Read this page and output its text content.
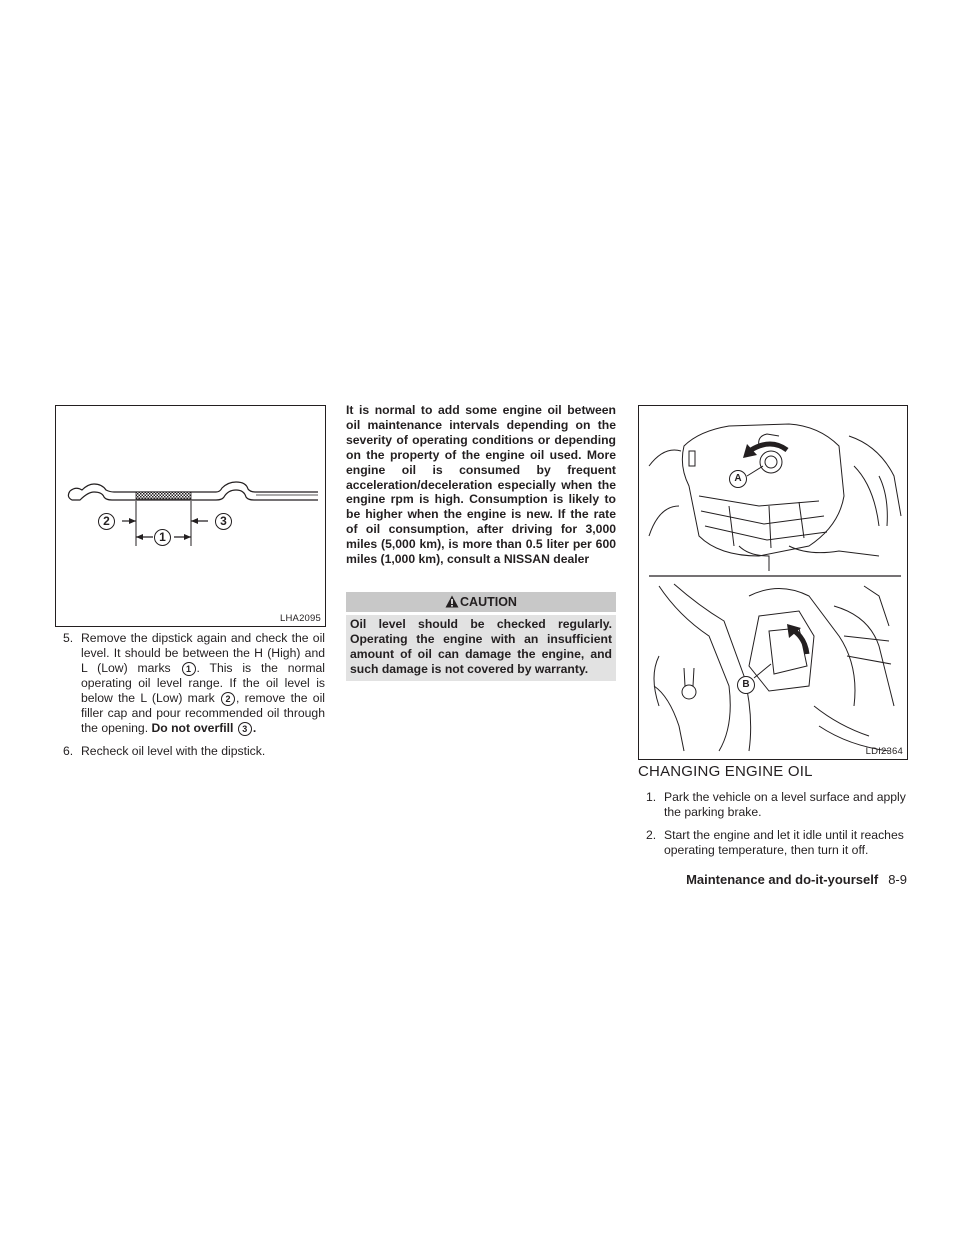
2
1
3
LHA2095
5. Remove the dipstick again and check the oil level. It should be between the H (High) and L (Low) marks 1 . This is the normal operating oil level range. If the oil level is below the L (Low) mark 2 , remove the oil filler cap and pour recommended oil through the opening. Do not overfill 3 .
6. Recheck oil level with the dipstick.

It is normal to add some engine oil between oil maintenance intervals depending on the severity of operating conditions or depending on the property of the engine oil used. More engine oil is consumed by frequent acceleration/deceleration especially when the engine rpm is high. Consumption is likely to be higher when the engine is new. If the rate of oil consumption, after driving for 3,000 miles (5,000 km), is more than 0.5 liter per 600 miles (1,000 km), consult a NISSAN dealer

CAUTION

Oil level should be checked regularly. Operating the engine with an insufficient amount of oil can damage the engine, and such damage is not covered by warranty.

A
B
LDI2364
CHANGING ENGINE OIL
1. Park the vehicle on a level surface and apply the parking brake.
2. Start the engine and let it idle until it reaches operating temperature, then turn it off.
Maintenance and do-it-yourself 8-9
